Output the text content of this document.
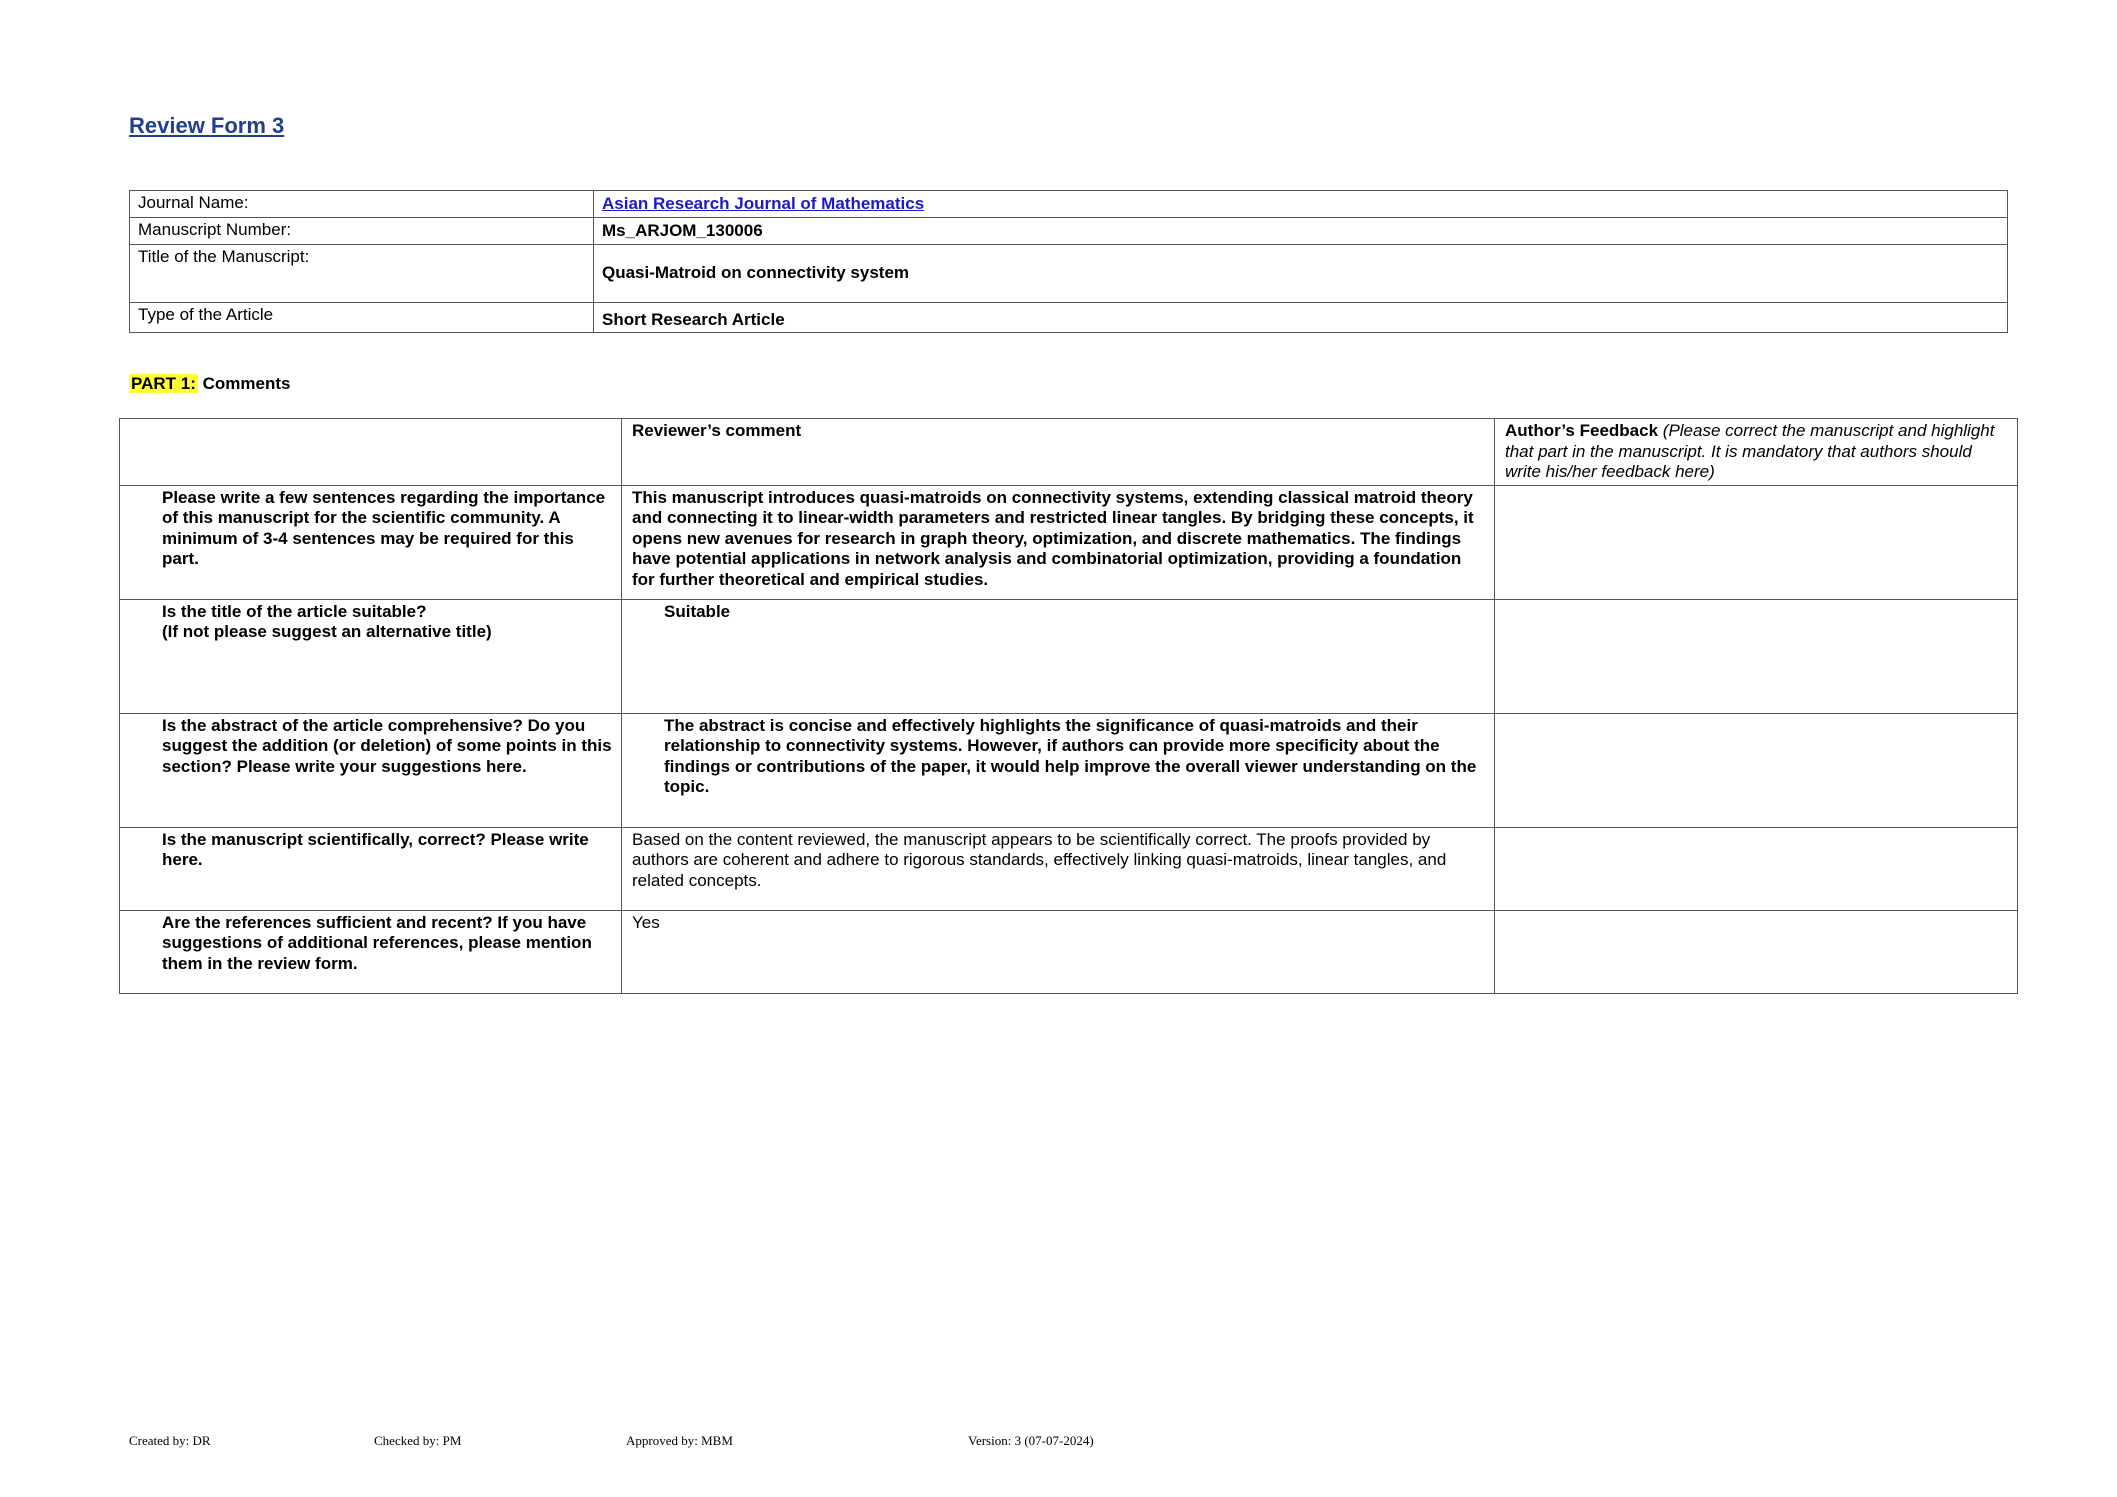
Review Form 3
Journal Name:	Asian Research Journal of Mathematics
Manuscript Number:	Ms_ARJOM_130006
Title of the Manuscript:	Quasi-Matroid on connectivity system
Type of the Article	Short Research Article
PART 1: Comments
	Reviewer’s comment	Author’s Feedback (Please correct the manuscript and highlight that part in the manuscript. It is mandatory that authors should write his/her feedback here)
Please write a few sentences regarding the importance of this manuscript for the scientific community. A minimum of 3-4 sentences may be required for this part.	This manuscript introduces quasi-matroids on connectivity systems, extending classical matroid theory and connecting it to linear-width parameters and restricted linear tangles. By bridging these concepts, it opens new avenues for research in graph theory, optimization, and discrete mathematics. The findings have potential applications in network analysis and combinatorial optimization, providing a foundation for further theoretical and empirical studies.	
Is the title of the article suitable?
(If not please suggest an alternative title)	Suitable	
Is the abstract of the article comprehensive? Do you suggest the addition (or deletion) of some points in this section? Please write your suggestions here.	The abstract is concise and effectively highlights the significance of quasi-matroids and their relationship to connectivity systems. However, if authors can provide more specificity about the findings or contributions of the paper, it would help improve the overall viewer understanding on the topic.	
Is the manuscript scientifically, correct? Please write here.	Based on the content reviewed, the manuscript appears to be scientifically correct. The proofs provided by authors are coherent and adhere to rigorous standards, effectively linking quasi-matroids, linear tangles, and related concepts.	
Are the references sufficient and recent? If you have suggestions of additional references, please mention them in the review form.	Yes	
Created by: DR	Checked by: PM	Approved by: MBM	Version: 3 (07-07-2024)
